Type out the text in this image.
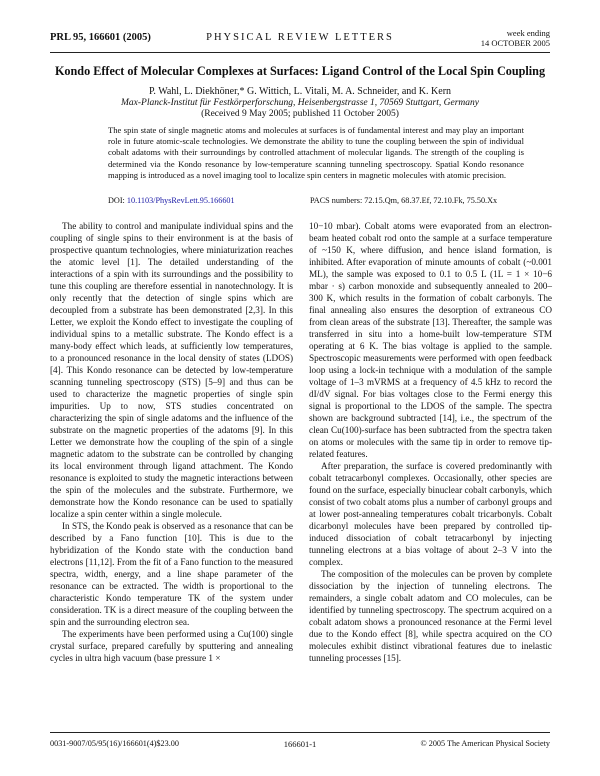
PRL 95, 166601 (2005)	PHYSICAL REVIEW LETTERS	week ending
14 OCTOBER 2005
Kondo Effect of Molecular Complexes at Surfaces: Ligand Control of the Local Spin Coupling
P. Wahl, L. Diekhöner,* G. Wittich, L. Vitali, M. A. Schneider, and K. Kern
Max-Planck-Institut für Festkörperforschung, Heisenbergstrasse 1, 70569 Stuttgart, Germany
(Received 9 May 2005; published 11 October 2005)
The spin state of single magnetic atoms and molecules at surfaces is of fundamental interest and may play an important role in future atomic-scale technologies. We demonstrate the ability to tune the coupling between the spin of individual cobalt adatoms with their surroundings by controlled attachment of molecular ligands. The strength of the coupling is determined via the Kondo resonance by low-temperature scanning tunneling spectroscopy. Spatial Kondo resonance mapping is introduced as a novel imaging tool to localize spin centers in magnetic molecules with atomic precision.
DOI: 10.1103/PhysRevLett.95.166601	PACS numbers: 72.15.Qm, 68.37.Ef, 72.10.Fk, 75.50.Xx

The ability to control and manipulate individual spins and the coupling of single spins to their environment is at the basis of prospective quantum technologies, where miniaturization reaches the atomic level [1]. The detailed understanding of the interactions of a spin with its surroundings and the possibility to tune this coupling are therefore essential in nanotechnology. It is only recently that the detection of single spins which are decoupled from a substrate has been demonstrated [2,3]. In this Letter, we exploit the Kondo effect to investigate the coupling of individual spins to a metallic substrate. The Kondo effect is a many-body effect which leads, at sufficiently low temperatures, to a pronounced resonance in the local density of states (LDOS) [4]. This Kondo resonance can be detected by low-temperature scanning tunneling spectroscopy (STS) [5–9] and thus can be used to characterize the magnetic properties of single spin impurities. Up to now, STS studies concentrated on characterizing the spin of single adatoms and the influence of the substrate on the magnetic properties of the adatoms [9]. In this Letter we demonstrate how the coupling of the spin of a single magnetic adatom to the substrate can be controlled by changing its local environment through ligand attachment. The Kondo resonance is exploited to study the magnetic interactions between the spin of the molecules and the substrate. Furthermore, we demonstrate how the Kondo resonance can be used to spatially localize a spin center within a single molecule.

In STS, the Kondo peak is observed as a resonance that can be described by a Fano function [10]. This is due to the hybridization of the Kondo state with the conduction band electrons [11,12]. From the fit of a Fano function to the measured spectra, width, energy, and a line shape parameter of the resonance can be extracted. The width is proportional to the characteristic Kondo temperature TK of the system under consideration. TK is a direct measure of the coupling between the spin and the surrounding electron sea.

The experiments have been performed using a Cu(100) single crystal surface, prepared carefully by sputtering and annealing cycles in ultra high vacuum (base pressure 1 ×

10−10 mbar). Cobalt atoms were evaporated from an electron-beam heated cobalt rod onto the sample at a surface temperature of ~150 K, where diffusion, and hence island formation, is inhibited. After evaporation of minute amounts of cobalt (~0.001 ML), the sample was exposed to 0.1 to 0.5 L (1L = 1 × 10−6 mbar · s) carbon monoxide and subsequently annealed to 200–300 K, which results in the formation of cobalt carbonyls. The final annealing also ensures the desorption of extraneous CO from clean areas of the substrate [13]. Thereafter, the sample was transferred in situ into a home-built low-temperature STM operating at 6 K. The bias voltage is applied to the sample. Spectroscopic measurements were performed with open feedback loop using a lock-in technique with a modulation of the sample voltage of 1–3 mVRMS at a frequency of 4.5 kHz to record the dI/dV signal. For bias voltages close to the Fermi energy this signal is proportional to the LDOS of the sample. The spectra shown are background subtracted [14], i.e., the spectrum of the clean Cu(100)-surface has been subtracted from the spectra taken on atoms or molecules with the same tip in order to remove tip-related features.

After preparation, the surface is covered predominantly with cobalt tetracarbonyl complexes. Occasionally, other species are found on the surface, especially binuclear cobalt carbonyls, which consist of two cobalt atoms plus a number of carbonyl groups and at lower post-annealing temperatures cobalt tricarbonyls. Cobalt dicarbonyl molecules have been prepared by controlled tip-induced dissociation of cobalt tetracarbonyl by injecting tunneling electrons at a bias voltage of about 2–3 V into the complex.

The composition of the molecules can be proven by complete dissociation by the injection of tunneling electrons. The remainders, a single cobalt adatom and CO molecules, can be identified by tunneling spectroscopy. The spectrum acquired on a cobalt adatom shows a pronounced resonance at the Fermi level due to the Kondo effect [8], while spectra acquired on the CO molecules exhibit distinct vibrational features due to inelastic tunneling processes [15].

0031-9007/05/95(16)/166601(4)$23.00	166601-1	© 2005 The American Physical Society
